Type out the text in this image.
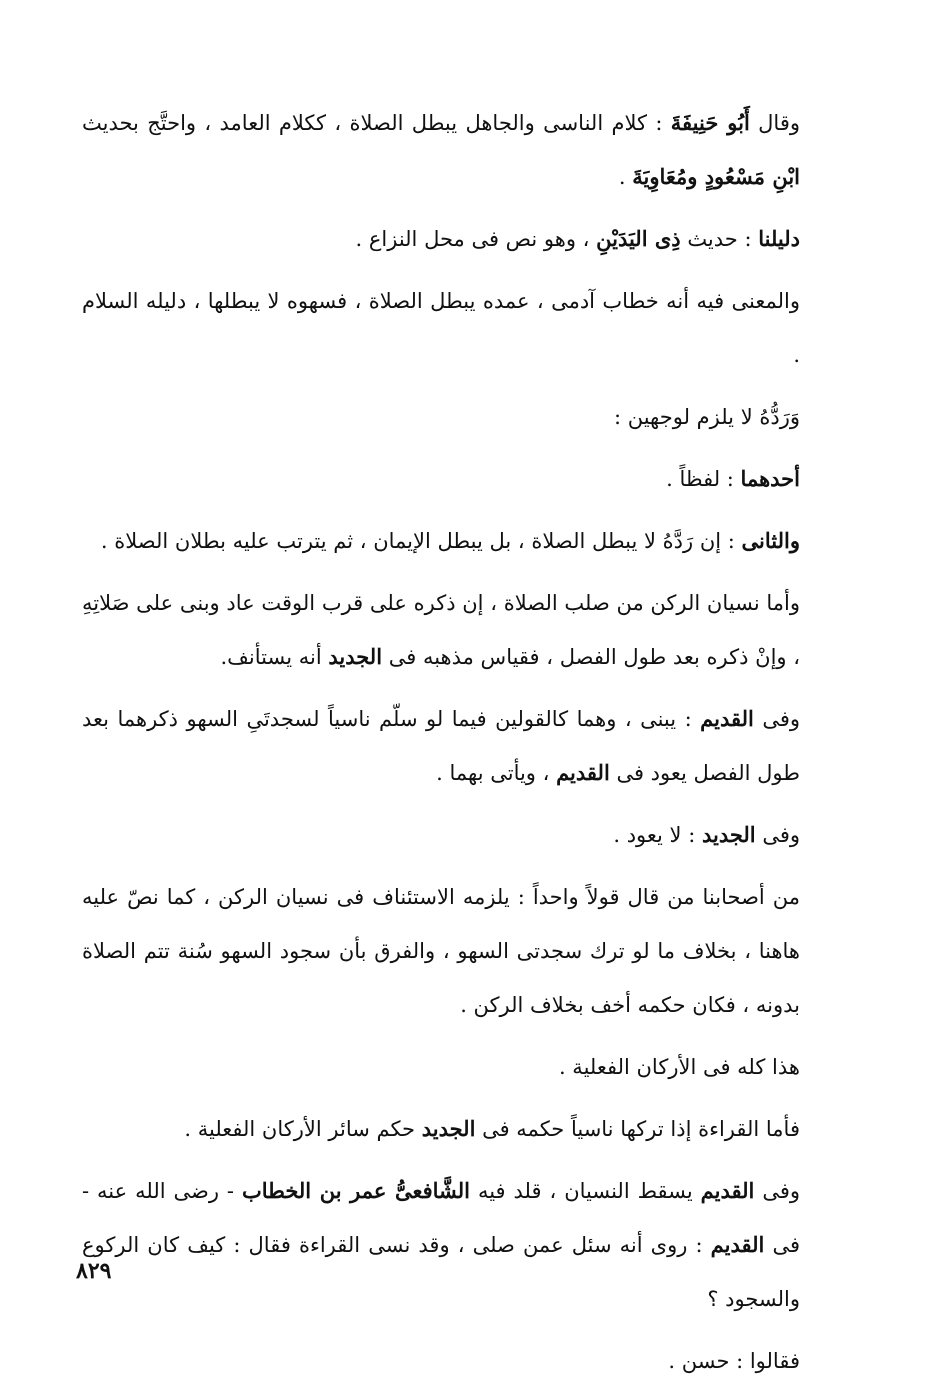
وقال أَبُو حَنِيفَةَ : كلام الناسى والجاهل يبطل الصلاة ، ككلام العامد ، واحتَّج بحديث ابْنِ مَسْعُودٍ ومُعَاوِيَةَ .

دليلنا : حديث ذِى اليَدَيْنِ ، وهو نص فى محل النزاع .

والمعنى فيه أنه خطاب آدمى ، عمده يبطل الصلاة ، فسهوه لا يبطلها ، دليله السلام .

وَرَدُّهُ لا يلزم لوجهين :

أحدهما : لفظاً .

والثانى : إن رَدَّهُ لا يبطل الصلاة ، بل يبطل الإيمان ، ثم يترتب عليه بطلان الصلاة .

وأما نسيان الركن من صلب الصلاة ، إن ذكره على قرب الوقت عاد وبنى على صَلاتِهِ ، وإنْ ذكره بعد طول الفصل ، فقياس مذهبه فى الجديد أنه يستأنف.

وفى القديم : يبنى ، وهما كالقولين فيما لو سلّم ناسياً لسجدتَىِ السهو ذكرهما بعد طول الفصل يعود فى القديم ، ويأتى بهما .

وفى الجديد : لا يعود .

من أصحابنا من قال قولاً واحداً : يلزمه الاستئناف فى نسيان الركن ، كما نصّ عليه هاهنا ، بخلاف ما لو ترك سجدتى السهو ، والفرق بأن سجود السهو سُنة تتم الصلاة بدونه ، فكان حكمه أخف بخلاف الركن .

هذا كله فى الأركان الفعلية .

فأما القراءة إذا تركها ناسياً حكمه فى الجديد حكم سائر الأركان الفعلية .

وفى القديم يسقط النسيان ، قلد فيه الشَّافعىُّ عمر بن الخطاب - رضى الله عنه - فى القديم : روى أنه سئل عمن صلى ، وقد نسى القراءة فقال : كيف كان الركوع والسجود ؟

فقالوا : حسن .

٨٢٩
